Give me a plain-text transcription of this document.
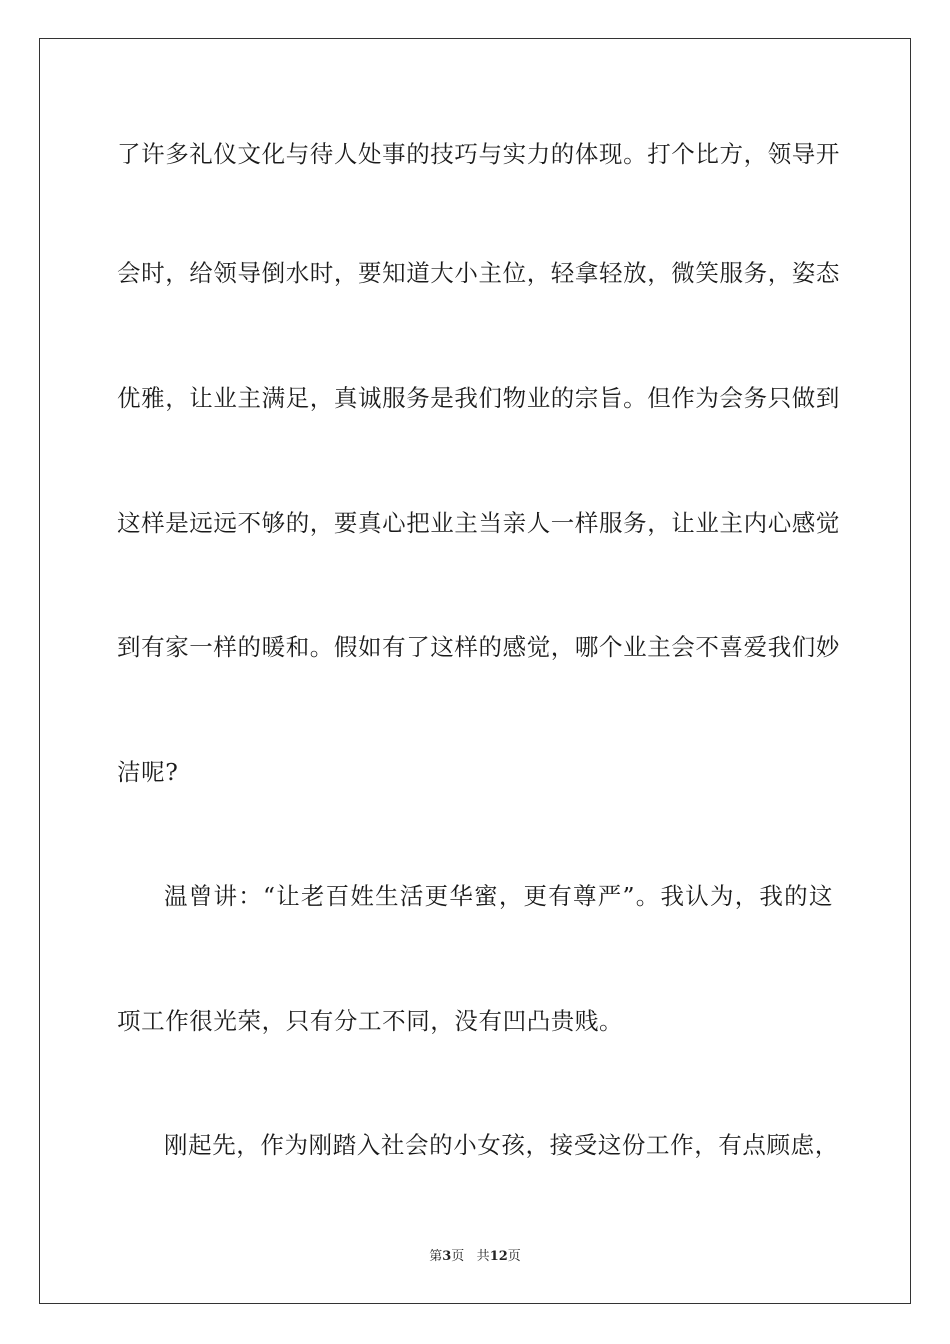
了许多礼仪文化与待人处事的技巧与实力的体现。打个比方，领导开
会时，给领导倒水时，要知道大小主位，轻拿轻放，微笑服务，姿态
优雅，让业主满足，真诚服务是我们物业的宗旨。但作为会务只做到
这样是远远不够的，要真心把业主当亲人一样服务，让业主内心感觉
到有家一样的暖和。假如有了这样的感觉，哪个业主会不喜爱我们妙
洁呢?
温曾讲：“让老百姓生活更华蜜，更有尊严”。我认为，我的这
项工作很光荣，只有分工不同，没有凹凸贵贱。
刚起先，作为刚踏入社会的小女孩，接受这份工作，有点顾虑，
第3页 共12页
